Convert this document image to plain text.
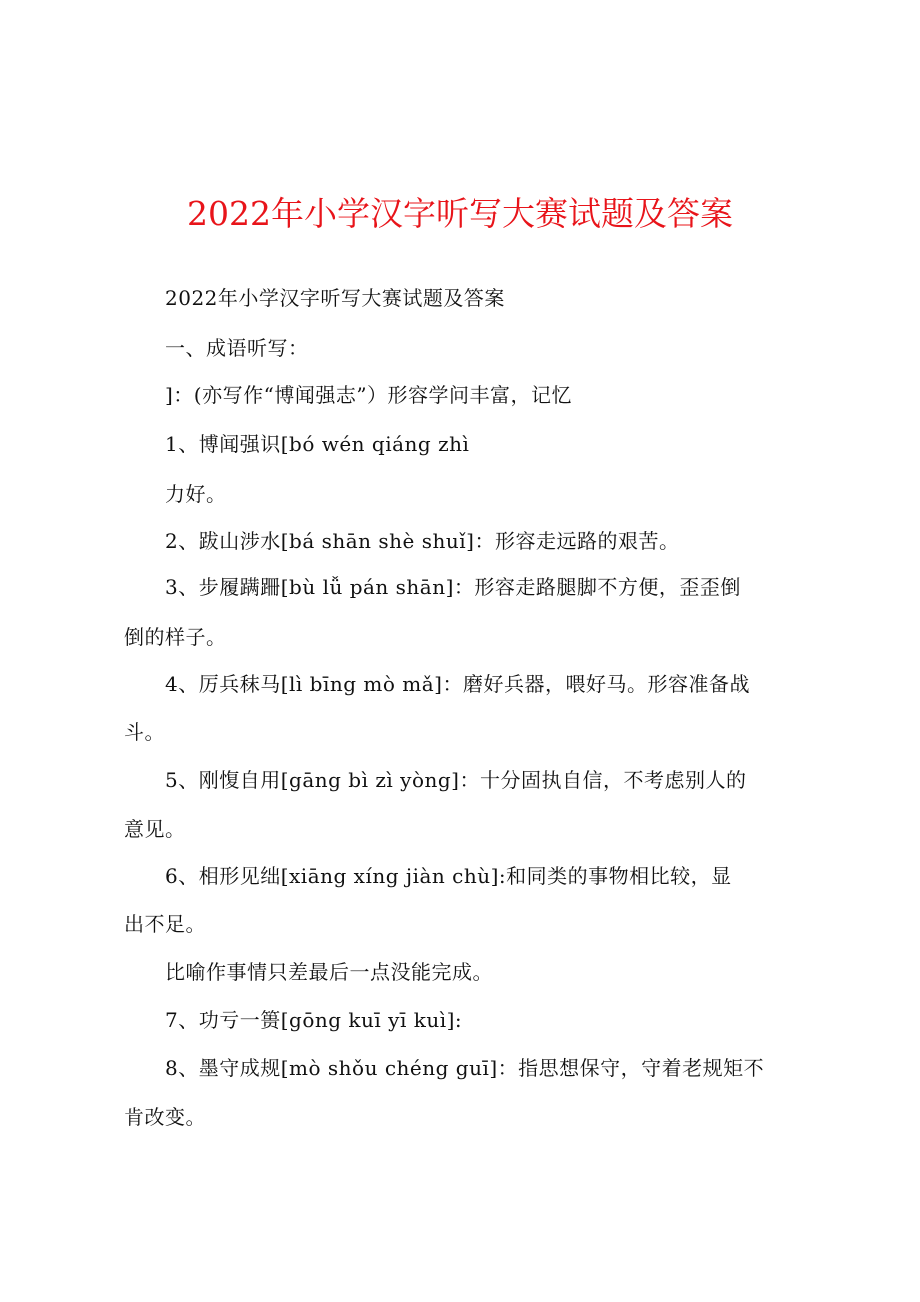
2022年小学汉字听写大赛试题及答案
2022年小学汉字听写大赛试题及答案
一、成语听写：
]：(亦写作“博闻强志”）形容学问丰富，记忆
1、博闻强识[bó wén qiáng zhì
力好。
2、跋山涉水[bá shān shè shuǐ]：形容走远路的艰苦。
3、步履蹒跚[bù lǚ pán shān]：形容走路腿脚不方便，歪歪倒
倒的样子。
4、厉兵秣马[lì bīng mò mǎ]：磨好兵器，喂好马。形容准备战
斗。
5、刚愎自用[gāng bì zì yòng]：十分固执自信，不考虑别人的
意见。
6、相形见绌[xiāng xíng jiàn chù]:和同类的事物相比较，显
出不足。
比喻作事情只差最后一点没能完成。
7、功亏一篑[gōng kuī yī kuì]:
8、墨守成规[mò shǒu chéng guī]：指思想保守，守着老规矩不
肯改变。
